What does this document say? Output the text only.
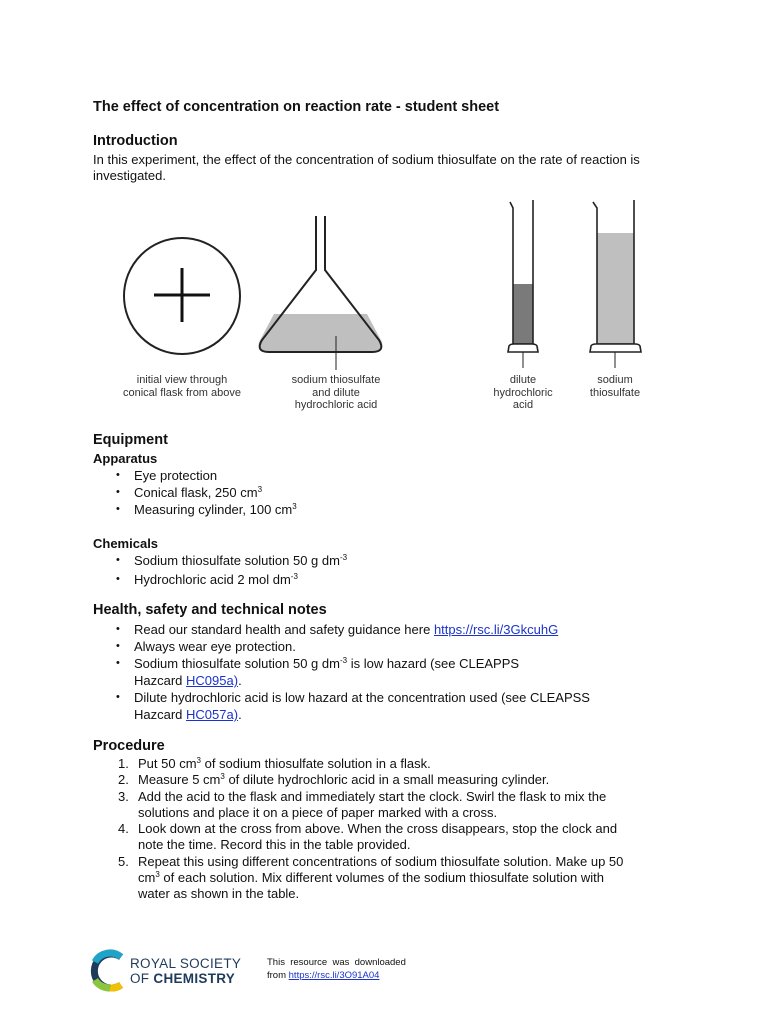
The effect of concentration on reaction rate - student sheet
Introduction

In this experiment, the effect of the concentration of sodium thiosulfate on the rate of reaction is investigated.

initial view through
conical flask from above
sodium thiosulfate
and dilute
hydrochloric acid
dilute
hydrochloric
acid
sodium
thiosulfate
Equipment
Apparatus
• Eye protection
• Conical flask, 250 $cm^3$
• Measuring cylinder, 100 $cm^3$
Chemicals
• Sodium thiosulfate solution 50 g $dm^{-3}$
• Hydrochloric acid 2 mol $dm^{-3}$
Health, safety and technical notes
• Read our standard health and safety guidance here https://rsc.li/3GkcuhG
• Always wear eye protection.
• Sodium thiosulfate solution 50 g $dm^{-3}$ is low hazard (see CLEAPPS
Hazcard HC095a).
• Dilute hydrochloric acid is low hazard at the concentration used (see CLEAPSS
Hazcard HC057a).
Procedure
1. Put 50 $cm^3$ of sodium thiosulfate solution in a flask.
2. Measure 5 $cm^3$ of dilute hydrochloric acid in a small measuring cylinder.
3. Add the acid to the flask and immediately start the clock. Swirl the flask to mix the
solutions and place it on a piece of paper marked with a cross.
4. Look down at the cross from above. When the cross disappears, stop the clock and
note the time. Record this in the table provided.
5. Repeat this using different concentrations of sodium thiosulfate solution. Make up 50
$cm^3$ of each solution. Mix different volumes of the sodium thiosulfate solution with
water as shown in the table.
ROYAL SOCIETY
OF CHEMISTRY
This  resource  was  downloaded
from https://rsc.li/3O91A04
